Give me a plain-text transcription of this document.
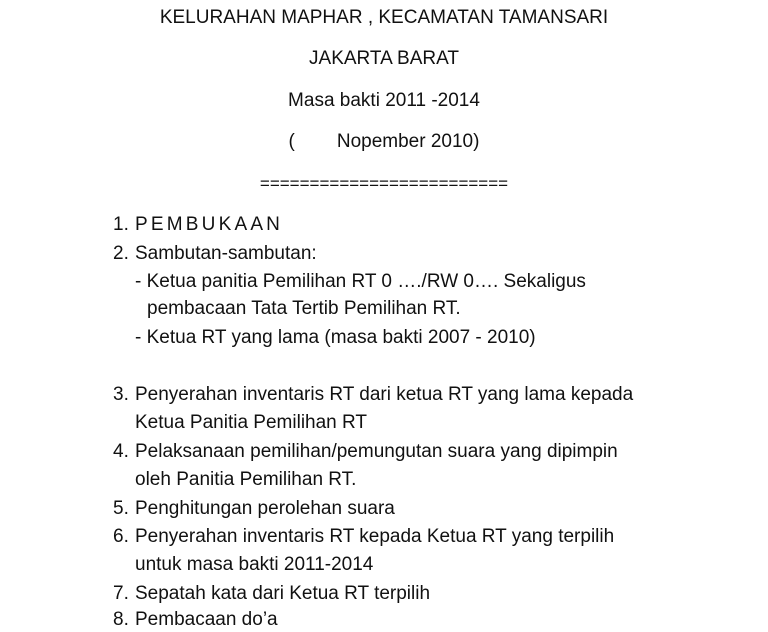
KELURAHAN MAPHAR , KECAMATAN TAMANSARI
JAKARTA BARAT
Masa bakti 2011 -2014
( Nopember 2010)
=========================
1. PEMBUKAAN
2. Sambutan-sambutan:
- Ketua panitia Pemilihan RT 0 …./RW 0…. Sekaligus
pembacaan Tata Tertib Pemilihan RT.
- Ketua RT yang lama (masa bakti 2007 - 2010)
3. Penyerahan inventaris RT dari ketua RT yang lama kepada
Ketua Panitia Pemilihan RT
4. Pelaksanaan pemilihan/pemungutan suara yang dipimpin
oleh Panitia Pemilihan RT.
5. Penghitungan perolehan suara
6. Penyerahan inventaris RT kepada Ketua RT yang terpilih
untuk masa bakti 2011-2014
7. Sepatah kata dari Ketua RT terpilih
8. Pembacaan do’a
